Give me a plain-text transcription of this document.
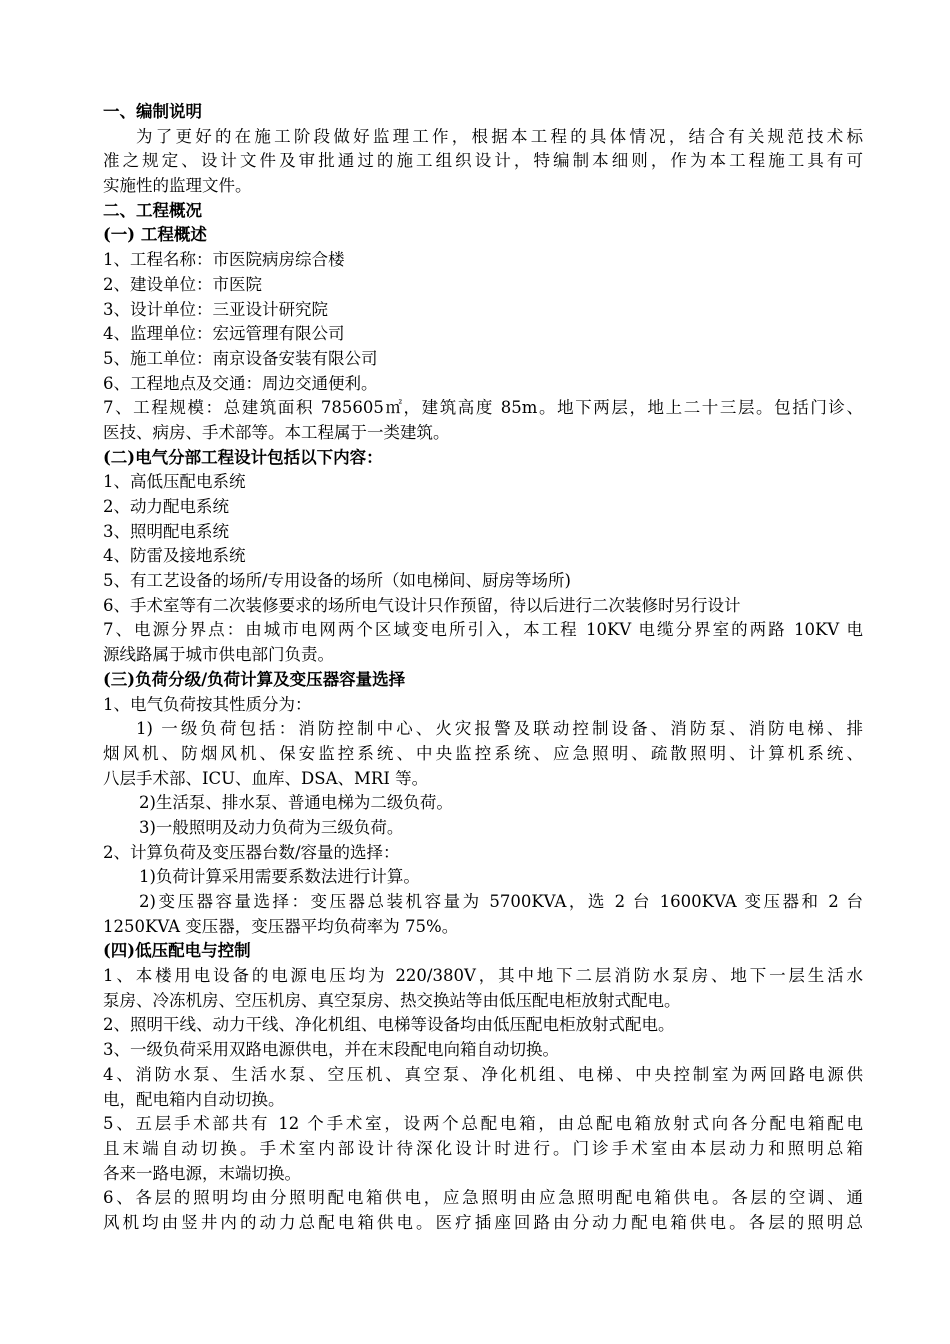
一、编制说明
为了更好的在施工阶段做好监理工作，根据本工程的具体情况，结合有关规范技术标
准之规定、设计文件及审批通过的施工组织设计，特编制本细则，作为本工程施工具有可
实施性的监理文件。
二、工程概况
(一) 工程概述
1、工程名称：市医院病房综合楼
2、建设单位：市医院
3、设计单位：三亚设计研究院
4、监理单位：宏远管理有限公司
5、施工单位：南京设备安装有限公司
6、工程地点及交通：周边交通便利。
7、工程规模：总建筑面积 785605㎡，建筑高度 85m。地下两层，地上二十三层。包括门诊、
医技、病房、手术部等。本工程属于一类建筑。
(二)电气分部工程设计包括以下内容：
1、高低压配电系统
2、动力配电系统
3、照明配电系统
4、防雷及接地系统
5、有工艺设备的场所/专用设备的场所（如电梯间、厨房等场所)
6、手术室等有二次装修要求的场所电气设计只作预留，待以后进行二次装修时另行设计
7、电源分界点：由城市电网两个区域变电所引入，本工程 10KV 电缆分界室的两路 10KV 电
源线路属于城市供电部门负责。
(三)负荷分级/负荷计算及变压器容量选择
1、电气负荷按其性质分为：
1) 一级负荷包括：消防控制中心、火灾报警及联动控制设备、消防泵、消防电梯、排
烟风机、防烟风机、保安监控系统、中央监控系统、应急照明、疏散照明、计算机系统、
八层手术部、ICU、血库、DSA、MRI 等。
2)生活泵、排水泵、普通电梯为二级负荷。
3)一般照明及动力负荷为三级负荷。
2、计算负荷及变压器台数/容量的选择：
1)负荷计算采用需要系数法进行计算。
2)变压器容量选择：变压器总装机容量为 5700KVA，选 2 台 1600KVA 变压器和 2 台
1250KVA 变压器，变压器平均负荷率为 75%。
(四)低压配电与控制
1、本楼用电设备的电源电压均为 220/380V，其中地下二层消防水泵房、地下一层生活水
泵房、冷冻机房、空压机房、真空泵房、热交换站等由低压配电柜放射式配电。
2、照明干线、动力干线、净化机组、电梯等设备均由低压配电柜放射式配电。
3、一级负荷采用双路电源供电，并在末段配电向箱自动切换。
4、消防水泵、生活水泵、空压机、真空泵、净化机组、电梯、中央控制室为两回路电源供
电，配电箱内自动切换。
5、五层手术部共有 12 个手术室，设两个总配电箱，由总配电箱放射式向各分配电箱配电
且末端自动切换。手术室内部设计待深化设计时进行。门诊手术室由本层动力和照明总箱
各来一路电源，末端切换。
6、各层的照明均由分照明配电箱供电，应急照明由应急照明配电箱供电。各层的空调、通
风机均由竖井内的动力总配电箱供电。医疗插座回路由分动力配电箱供电。各层的照明总
